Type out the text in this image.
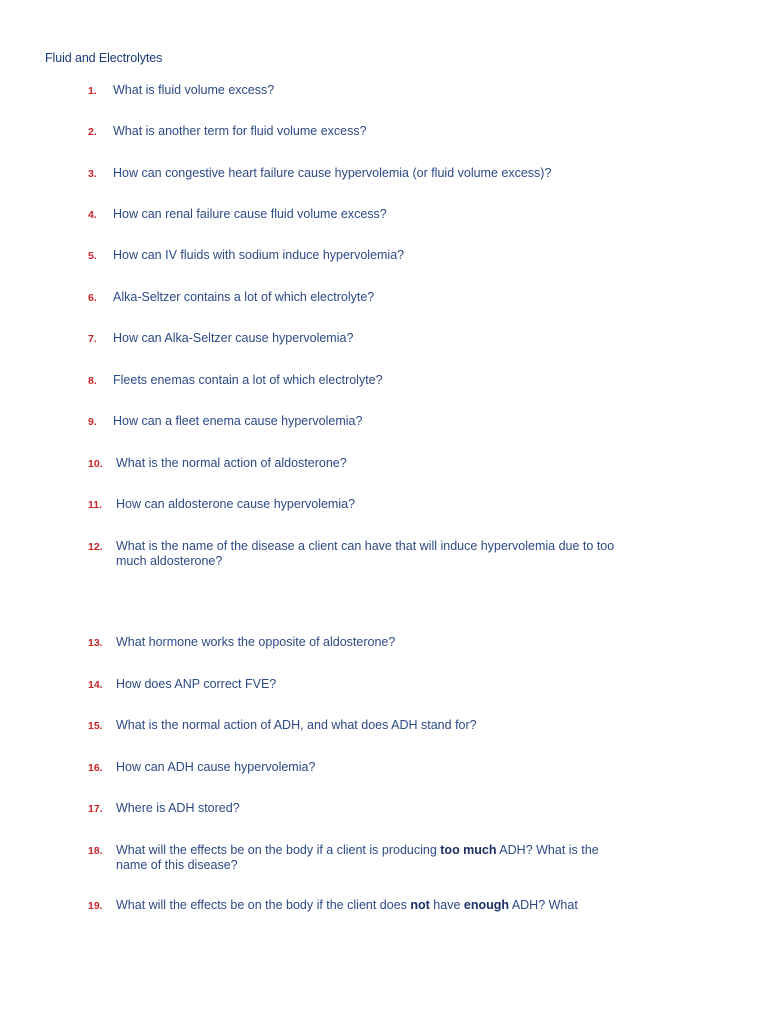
Fluid and Electrolytes
1. What is fluid volume excess?
2. What is another term for fluid volume excess?
3. How can congestive heart failure cause hypervolemia (or fluid volume excess)?
4. How can renal failure cause fluid volume excess?
5. How can IV fluids with sodium induce hypervolemia?
6. Alka-Seltzer contains a lot of which electrolyte?
7. How can Alka-Seltzer cause hypervolemia?
8. Fleets enemas contain a lot of which electrolyte?
9. How can a fleet enema cause hypervolemia?
10. What is the normal action of aldosterone?
11. How can aldosterone cause hypervolemia?
12. What is the name of the disease a client can have that will induce hypervolemia due to too much aldosterone?
13. What hormone works the opposite of aldosterone?
14. How does ANP correct FVE?
15. What is the normal action of ADH, and what does ADH stand for?
16. How can ADH cause hypervolemia?
17. Where is ADH stored?
18. What will the effects be on the body if a client is producing too much ADH? What is the name of this disease?
19. What will the effects be on the body if the client does not have enough ADH? What
